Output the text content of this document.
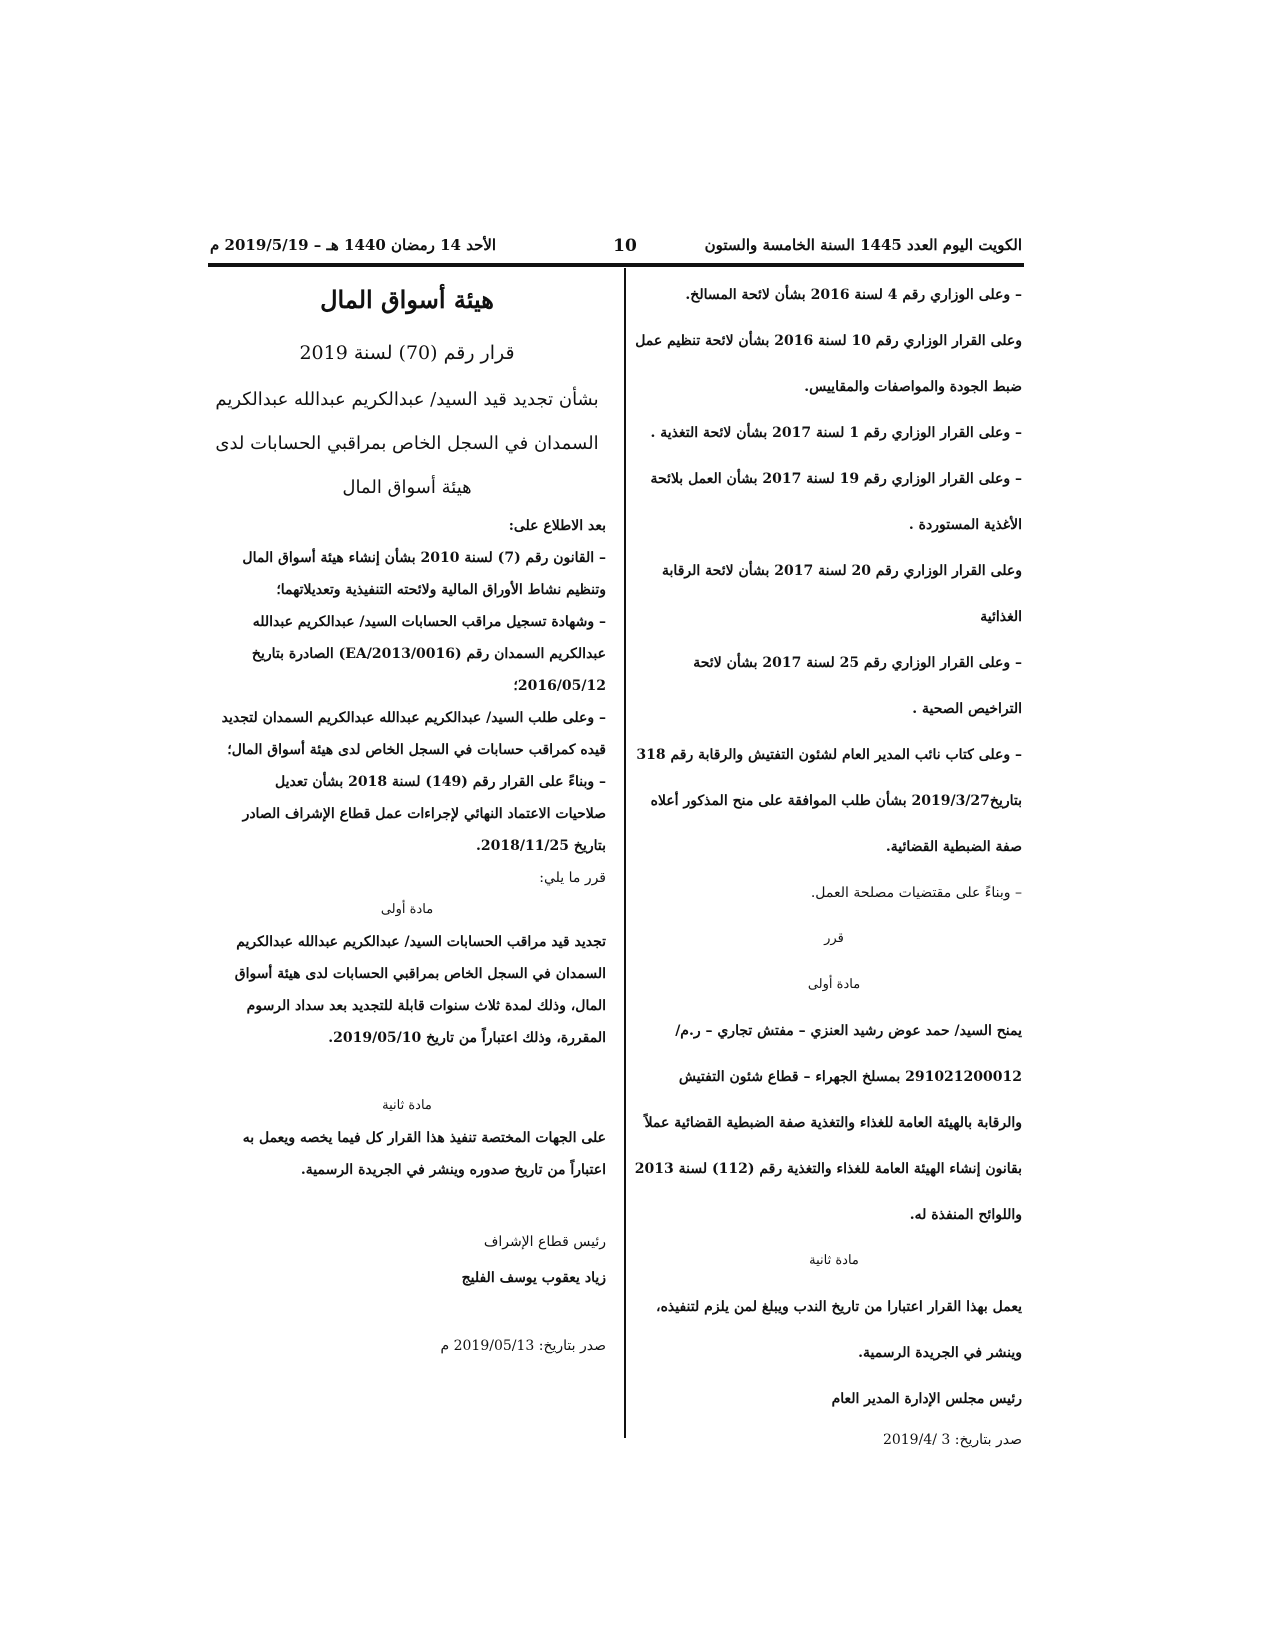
الكويت اليوم العدد 1445 السنة الخامسة والستون
10
الأحد 14 رمضان 1440 هـ – 2019/5/19 م
– وعلى الوزاري رقم 4 لسنة 2016 بشأن لائحة المسالخ.
وعلى القرار الوزاري رقم 10 لسنة 2016 بشأن لائحة تنظيم عمل
ضبط الجودة والمواصفات والمقاييس.
– وعلى القرار الوزاري رقم 1 لسنة 2017 بشأن لائحة التغذية .
– وعلى القرار الوزاري رقم 19 لسنة 2017 بشأن العمل بلائحة
الأغذية المستوردة .
وعلى القرار الوزاري رقم 20 لسنة 2017 بشأن لائحة الرقابة
الغذائية
– وعلى القرار الوزاري رقم 25 لسنة 2017 بشأن لائحة
التراخيص الصحية .
– وعلى كتاب نائب المدير العام لشئون التفتيش والرقابة رقم 318
بتاريخ2019/3/27 بشأن طلب الموافقة على منح المذكور أعلاه
صفة الضبطية القضائية.
– وبناءً على مقتضيات مصلحة العمل.
قرر
مادة أولى
يمنح السيد/ حمد عوض رشيد العنزي – مفتش تجاري – ر.م/
291021200012 بمسلخ الجهراء – قطاع شئون التفتيش
والرقابة بالهيئة العامة للغذاء والتغذية صفة الضبطية القضائية عملاً
بقانون إنشاء الهيئة العامة للغذاء والتغذية رقم (112) لسنة 2013
واللوائح المنفذة له.
مادة ثانية
يعمل بهذا القرار اعتبارا من تاريخ الندب ويبلغ لمن يلزم لتنفيذه،
وينشر في الجريدة الرسمية.
رئيس مجلس الإدارة المدير العام
صدر بتاريخ: 3 /2019/4
هيئة أسواق المال
قرار رقم (70) لسنة 2019
بشأن تجديد قيد السيد/ عبدالكريم عبدالله عبدالكريم
السمدان في السجل الخاص بمراقبي الحسابات لدى
هيئة أسواق المال
بعد الاطلاع على:
– القانون رقم (7) لسنة 2010 بشأن إنشاء هيئة أسواق المال
وتنظيم نشاط الأوراق المالية ولائحته التنفيذية وتعديلاتهما؛
– وشهادة تسجيل مراقب الحسابات السيد/ عبدالكريم عبدالله
عبدالكريم السمدان رقم (EA/2013/0016) الصادرة بتاريخ
2016/05/12؛
– وعلى طلب السيد/ عبدالكريم عبدالله عبدالكريم السمدان لتجديد
قيده كمراقب حسابات في السجل الخاص لدى هيئة أسواق المال؛
– وبناءً على القرار رقم (149) لسنة 2018 بشأن تعديل
صلاحيات الاعتماد النهائي لإجراءات عمل قطاع الإشراف الصادر
بتاريخ 2018/11/25.
قرر ما يلي:
مادة أولى
تجديد قيد مراقب الحسابات السيد/ عبدالكريم عبدالله عبدالكريم
السمدان في السجل الخاص بمراقبي الحسابات لدى هيئة أسواق
المال، وذلك لمدة ثلاث سنوات قابلة للتجديد بعد سداد الرسوم
المقررة، وذلك اعتباراً من تاريخ 2019/05/10.
مادة ثانية
على الجهات المختصة تنفيذ هذا القرار كل فيما يخصه ويعمل به
اعتباراً من تاريخ صدوره وينشر في الجريدة الرسمية.
رئيس قطاع الإشراف
زياد يعقوب يوسف الفليج
صدر بتاريخ: 2019/05/13 م
